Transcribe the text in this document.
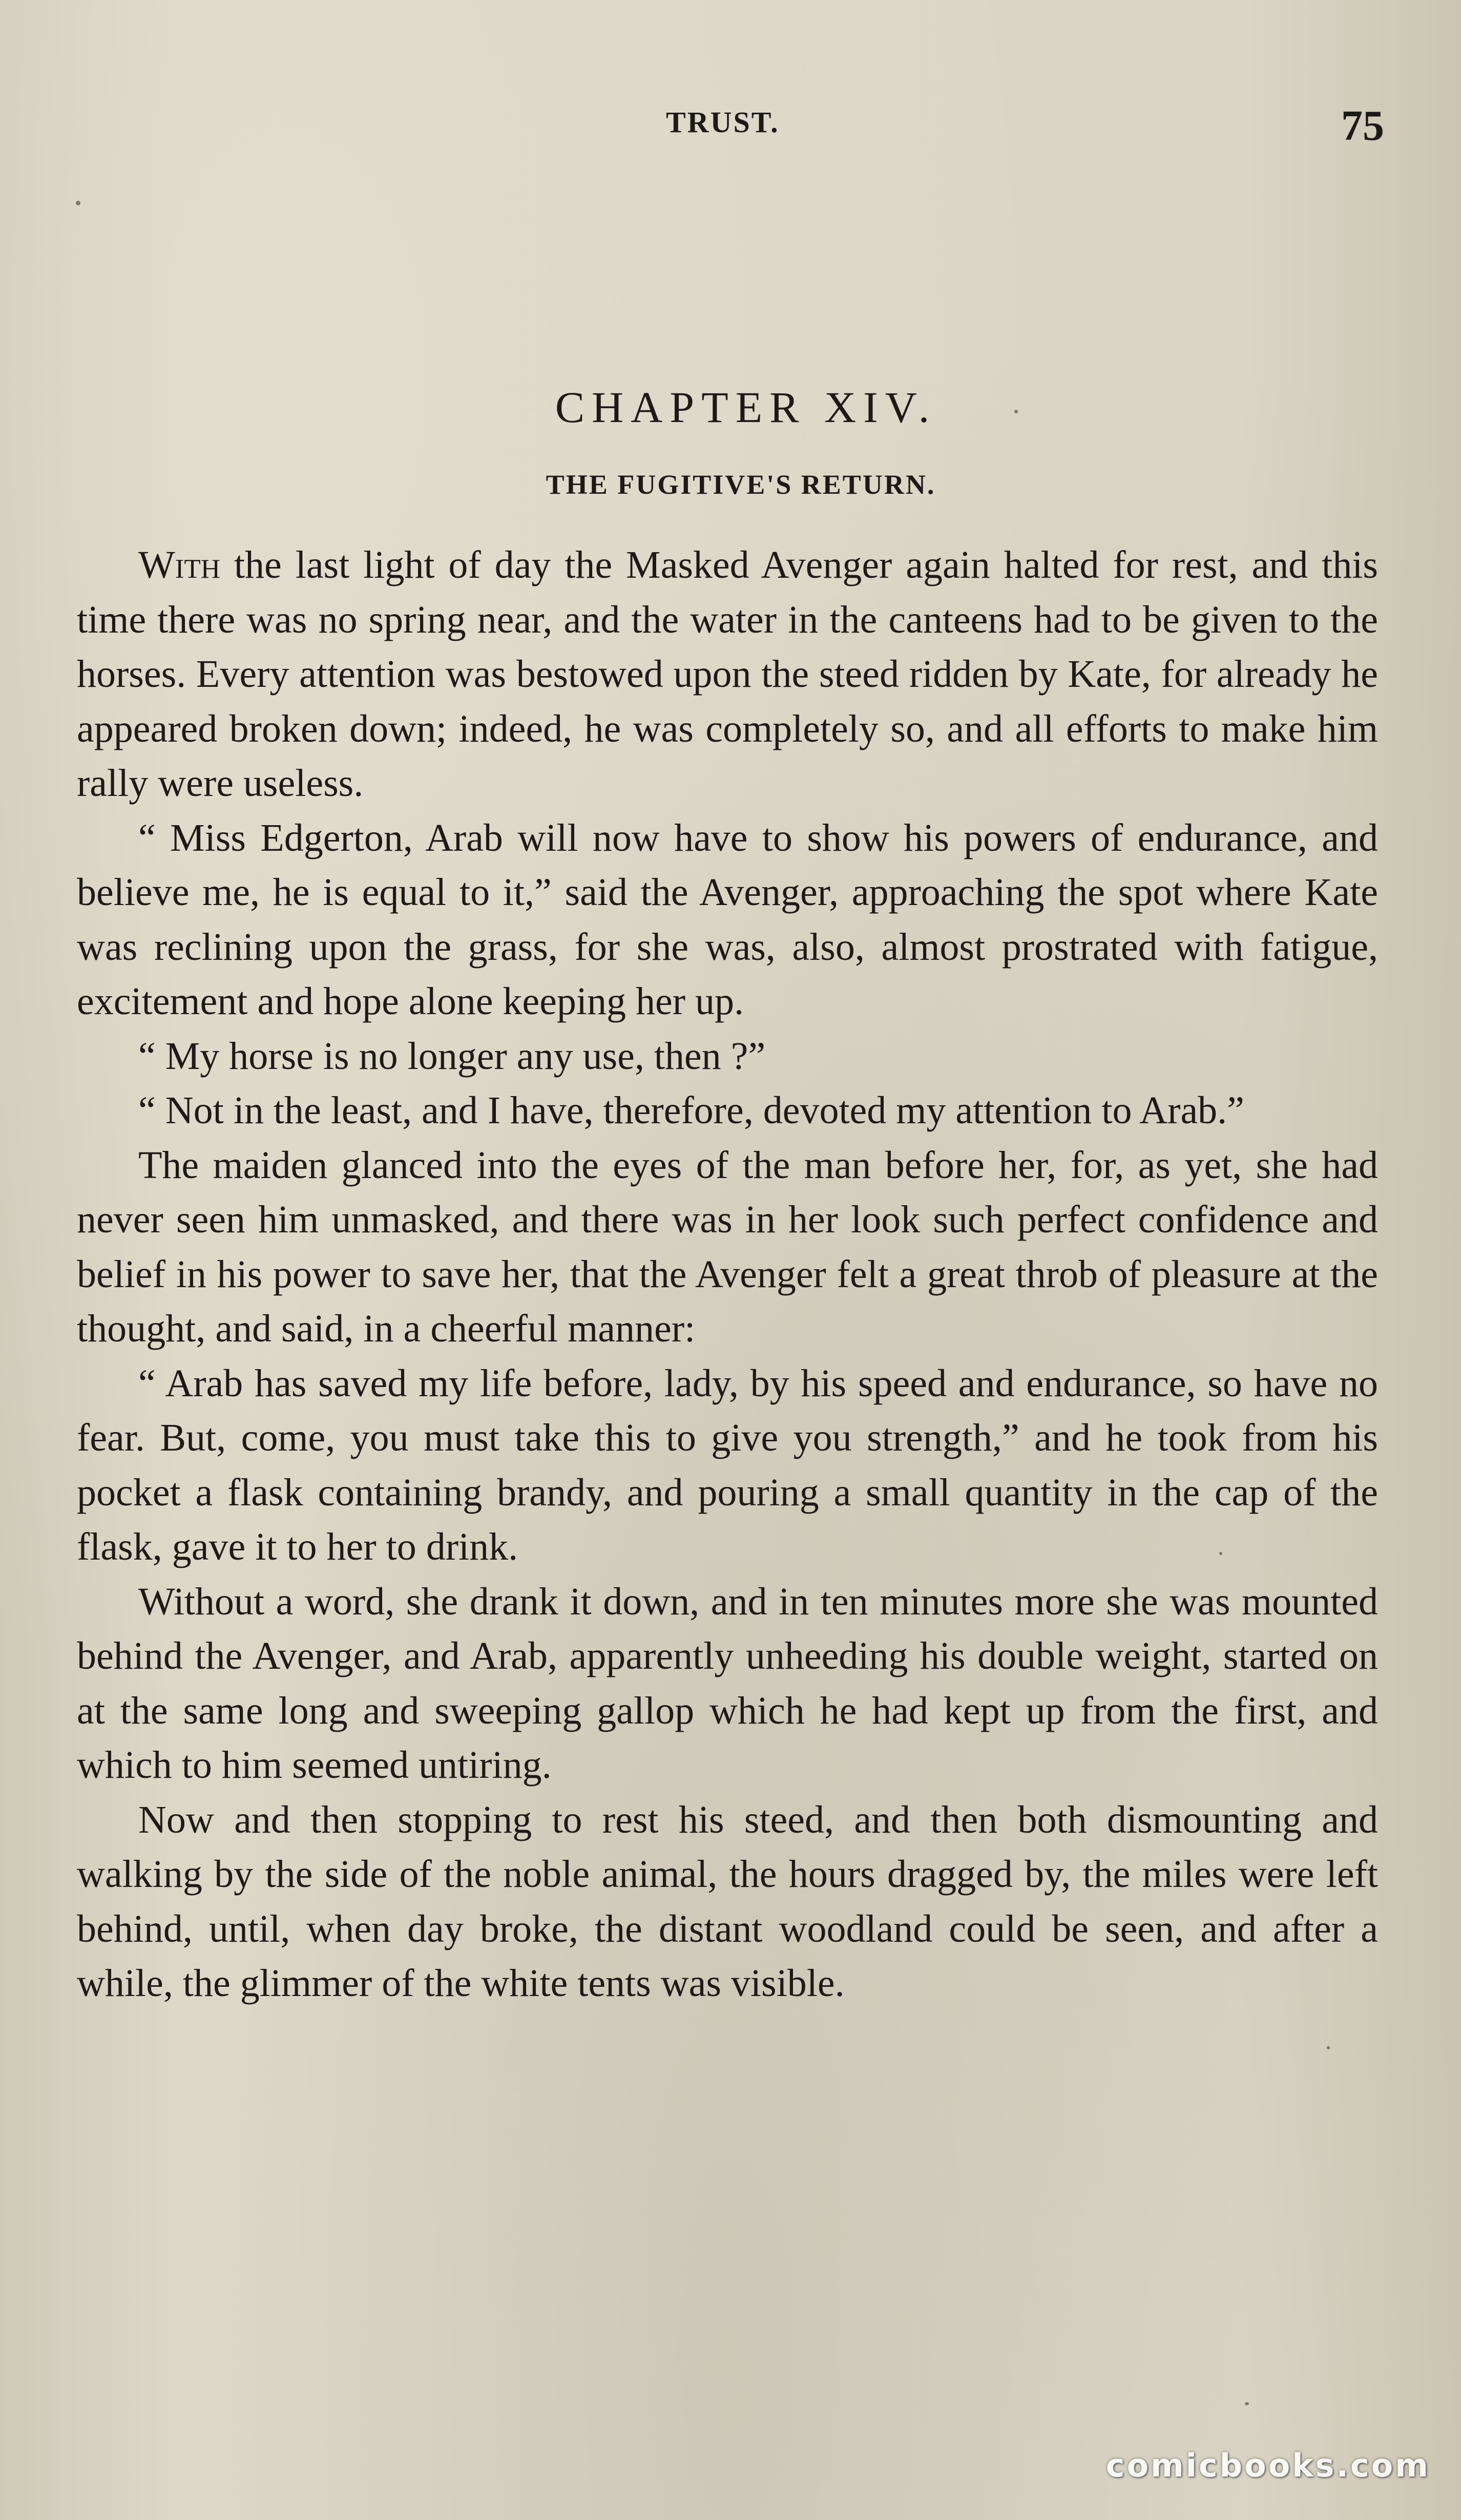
TRUST.	75
CHAPTER XIV.
THE FUGITIVE'S RETURN.

With the last light of day the Masked Avenger again halted for rest, and this time there was no spring near, and the water in the canteens had to be given to the horses. Every attention was bestowed upon the steed ridden by Kate, for already he appeared broken down; indeed, he was completely so, and all efforts to make him rally were useless.

“ Miss Edgerton, Arab will now have to show his powers of endurance, and believe me, he is equal to it,” said the Avenger, approaching the spot where Kate was reclining upon the grass, for she was, also, almost prostrated with fatigue, excitement and hope alone keeping her up.

“ My horse is no longer any use, then ?”

“ Not in the least, and I have, therefore, devoted my attention to Arab.”

The maiden glanced into the eyes of the man before her, for, as yet, she had never seen him unmasked, and there was in her look such perfect confidence and belief in his power to save her, that the Avenger felt a great throb of pleasure at the thought, and said, in a cheerful manner:

“ Arab has saved my life before, lady, by his speed and endurance, so have no fear. But, come, you must take this to give you strength,” and he took from his pocket a flask containing brandy, and pouring a small quantity in the cap of the flask, gave it to her to drink.

Without a word, she drank it down, and in ten minutes more she was mounted behind the Avenger, and Arab, apparently unheeding his double weight, started on at the same long and sweeping gallop which he had kept up from the first, and which to him seemed untiring.

Now and then stopping to rest his steed, and then both dismounting and walking by the side of the noble animal, the hours dragged by, the miles were left behind, until, when day broke, the distant woodland could be seen, and after a while, the glimmer of the white tents was visible.

comicbooks.com
